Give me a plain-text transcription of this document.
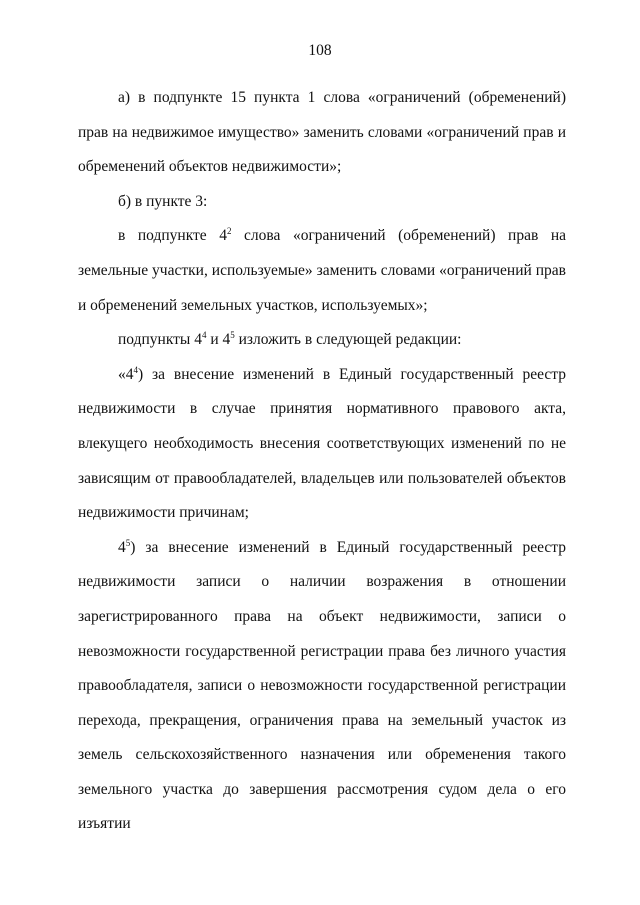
108

а) в подпункте 15 пункта 1 слова «ограничений (обременений) прав на недвижимое имущество» заменить словами «ограничений прав и обременений объектов недвижимости»;

б) в пункте 3:

в подпункте $4^2$ слова «ограничений (обременений) прав на земельные участки, используемые» заменить словами «ограничений прав и обременений земельных участков, используемых»;

подпункты $4^4$ и $4^5$ изложить в следующей редакции:

«$4^4$) за внесение изменений в Единый государственный реестр недвижимости в случае принятия нормативного правового акта, влекущего необходимость внесения соответствующих изменений по не зависящим от правообладателей, владельцев или пользователей объектов недвижимости причинам;

$4^5$) за внесение изменений в Единый государственный реестр недвижимости записи о наличии возражения в отношении зарегистрированного права на объект недвижимости, записи о невозможности государственной регистрации права без личного участия правообладателя, записи о невозможности государственной регистрации перехода, прекращения, ограничения права на земельный участок из земель сельскохозяйственного назначения или обременения такого земельного участка до завершения рассмотрения судом дела о его изъятии
